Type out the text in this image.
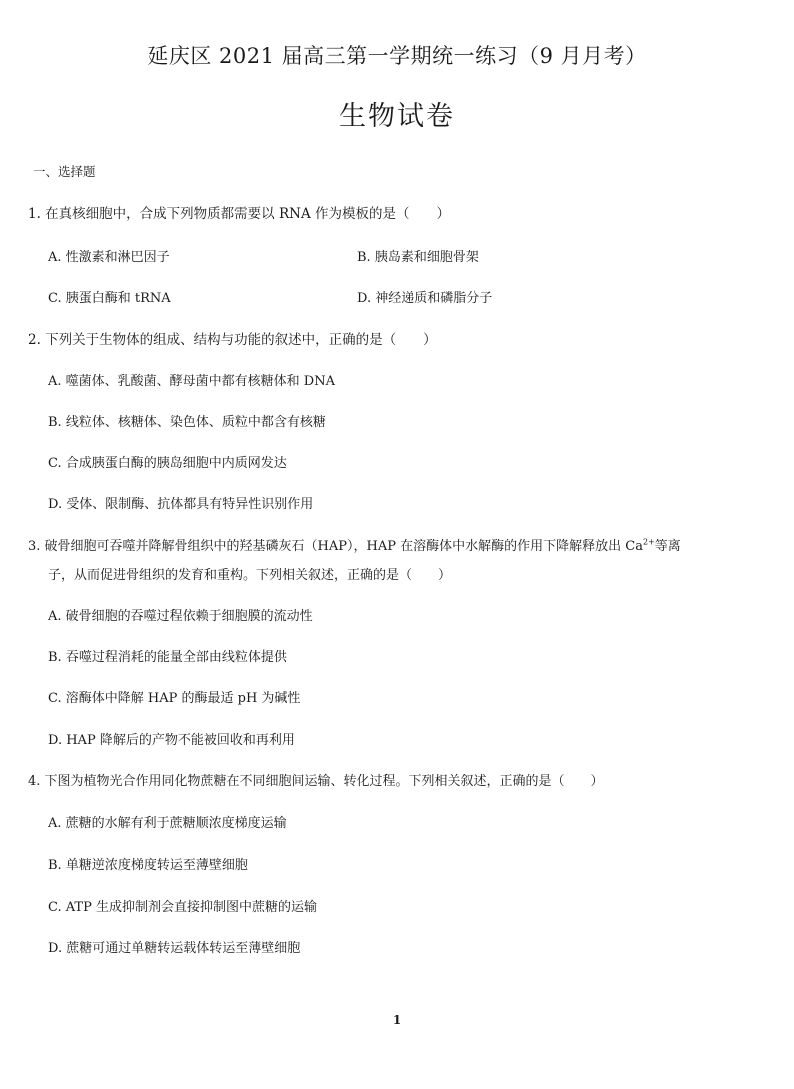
延庆区 2021 届高三第一学期统一练习（9 月月考）
生物试卷
一、选择题
1. 在真核细胞中，合成下列物质都需要以 RNA 作为模板的是（　　）
A. 性激素和淋巴因子	B. 胰岛素和细胞骨架
C. 胰蛋白酶和 tRNA	D. 神经递质和磷脂分子
2. 下列关于生物体的组成、结构与功能的叙述中，正确的是（　　）
A. 噬菌体、乳酸菌、酵母菌中都有核糖体和 DNA
B. 线粒体、核糖体、染色体、质粒中都含有核糖
C. 合成胰蛋白酶的胰岛细胞中内质网发达
D. 受体、限制酶、抗体都具有特异性识别作用
3. 破骨细胞可吞噬并降解骨组织中的羟基磷灰石（HAP），HAP 在溶酶体中水解酶的作用下降解释放出 $Ca^{2+}$等离
子，从而促进骨组织的发育和重构。下列相关叙述，正确的是（　　）
A. 破骨细胞的吞噬过程依赖于细胞膜的流动性
B. 吞噬过程消耗的能量全部由线粒体提供
C. 溶酶体中降解 HAP 的酶最适 pH 为碱性
D. HAP 降解后的产物不能被回收和再利用
4. 下图为植物光合作用同化物蔗糖在不同细胞间运输、转化过程。下列相关叙述，正确的是（　　）
A. 蔗糖的水解有利于蔗糖顺浓度梯度运输
B. 单糖逆浓度梯度转运至薄壁细胞
C. ATP 生成抑制剂会直接抑制图中蔗糖的运输
D. 蔗糖可通过单糖转运载体转运至薄壁细胞
1
